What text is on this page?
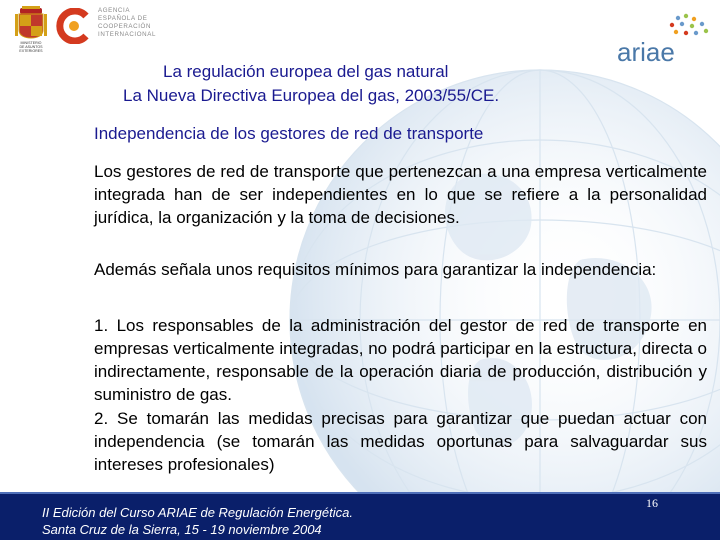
MINISTERIO
DE ASUNTOS
EXTERIORES
AGENCIA
ESPAÑOLA DE
COOPERACIÓN
INTERNACIONAL
ariae
La regulación europea del gas natural
La Nueva Directiva Europea del gas, 2003/55/CE.
Independencia de los gestores de red de transporte
Los gestores de red de transporte que pertenezcan a una empresa verticalmente integrada han de ser independientes en lo que se refiere a la personalidad jurídica, la organización y la toma de decisiones.
Además señala unos requisitos mínimos para garantizar la independencia:
1. Los responsables de la administración del gestor de red de transporte en empresas verticalmente integradas, no podrá participar en la estructura, directa o indirectamente, responsable de la operación diaria de producción, distribución y suministro de gas.
2. Se tomarán las medidas precisas para garantizar que puedan actuar con independencia (se tomarán las medidas oportunas para salvaguardar sus intereses profesionales)
II Edición del Curso ARIAE de Regulación Energética.
Santa Cruz de la Sierra, 15 - 19 noviembre 2004
16
